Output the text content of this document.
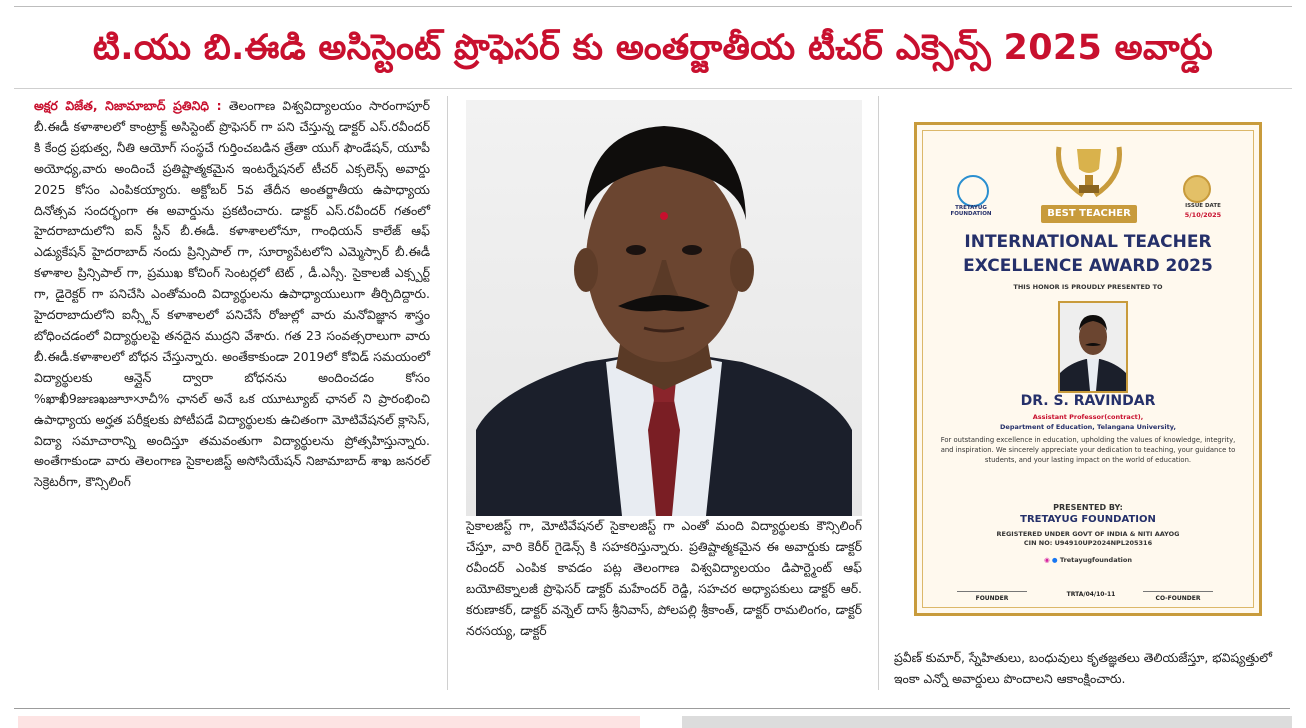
టి.యు బి.ఈడి అసిస్టెంట్ ప్రొఫెసర్ కు అంతర్జాతీయ టీచర్ ఎక్సెన్స్ 2025 అవార్డు
అక్షర విజేత, నిజామాబాద్ ప్రతినిధి : తెలంగాణ విశ్వవిద్యాలయం సారంగాపూర్ బీ.ఈడీ కళాశాలలో కాంట్రాక్ట్ అసిస్టెంట్ ప్రొఫెసర్ గా పని చేస్తున్న డాక్టర్ ఎస్.రవీందర్ కి కేంద్ర ప్రభుత్వ, నీతి ఆయోగ్ సంస్థచే గుర్తించబడిన త్రేతా యుగ్ ఫౌండేషన్, యూపీ అయోధ్య,వారు అందించే ప్రతిష్టాత్మకమైన ఇంటర్నేషనల్ టీచర్ ఎక్సలెన్స్ అవార్డు 2025 కోసం ఎంపికయ్యారు. అక్టోబర్ 5వ తేదీన అంతర్జాతీయ ఉపాధ్యాయ దినోత్సవ సందర్భంగా ఈ అవార్డును ప్రకటించారు. డాక్టర్ ఎస్.రవీందర్ గతంలో హైదరాబాదులోని ఐన్ స్టీన్ బీ.ఈడీ. కళాశాలలోనూ, గాంధియన్ కాలేజ్ ఆఫ్ ఎడ్యుకేషన్ హైదరాబాద్ నందు ప్రిన్సిపాల్ గా, సూర్యాపేటలోని ఎమ్మెస్సార్ బీ.ఈడీ కళాశాల ప్రిన్సిపాల్ గా, ప్రముఖ కోచింగ్ సెంటర్లలో టెట్ , డీ.ఎస్సీ. సైకాలజీ ఎక్స్పర్ట్ గా, డైరెక్టర్ గా పనిచేసి ఎంతోమంది విద్యార్థులను ఉపాధ్యాయులుగా తీర్చిదిద్దారు. హైదరాబాదులోని ఐన్స్టీన్ కళాశాలలో పనిచేసే రోజుల్లో వారు మనోవిజ్ఞాన శాస్త్రం బోధించడంలో విద్యార్థులపై తనదైన ముద్రని వేశారు. గత 23 సంవత్సరాలుగా వారు బీ.ఈడీ.కళాశాలలో బోధన చేస్తున్నారు. అంతేకాకుండా 2019లో కోవిడ్ సమయంలో విద్యార్థులకు ఆన్లైన్ ద్వారా బోధనను అందించడం కోసం %ఖాఖీ9జుణఖజూూ×ూచీ% ఛానల్ అనే ఒక యూట్యూబ్ ఛానల్ ని ప్రారంభించి ఉపాధ్యాయ అర్హత పరీక్షలకు పోటీపడే విద్యార్థులకు ఉచితంగా మోటివేషనల్ క్లాసెస్, విద్యా సమాచారాన్ని అందిస్తూ తమవంతుగా విద్యార్థులను ప్రోత్సహిస్తున్నారు. అంతేగాకుండా వారు తెలంగాణ సైకాలజిస్ట్ అసోసియేషన్ నిజామాబాద్ శాఖ జనరల్ సెక్రెటరీగా, కౌన్సిలింగ్
సైకాలజిస్ట్ గా, మోటివేషనల్ సైకాలజిస్ట్ గా ఎంతో మంది విద్యార్థులకు కౌన్సిలింగ్ చేస్తూ, వారి కెరీర్ గైడెన్స్ కి సహకరిస్తున్నారు. ప్రతిష్టాత్మకమైన ఈ అవార్డుకు డాక్టర్ రవీందర్ ఎంపిక కావడం పట్ల తెలంగాణ విశ్వవిద్యాలయం డిపార్ట్మెంట్ ఆఫ్ బయోటెక్నాలజీ ప్రొఫెసర్ డాక్టర్ మహేందర్ రెడ్డి, సహచర అధ్యాపకులు డాక్టర్ ఆర్. కరుణాకర్, డాక్టర్ వన్నెల్ దాస్ శ్రీనివాస్, పోలపల్లి శ్రీకాంత్, డాక్టర్ రామలింగం, డాక్టర్ నరసయ్య, డాక్టర్
TRETAYUG FOUNDATION	BEST TEACHER
ISSUE DATE
5/10/2025
INTERNATIONAL TEACHER
EXCELLENCE AWARD 2025
THIS HONOR IS PROUDLY PRESENTED TO
DR. S. RAVINDAR
Assistant Professor(contract),
Department of Education, Telangana University,
For outstanding excellence in education, upholding the values of knowledge, integrity, and inspiration. We sincerely appreciate your dedication to teaching, your guidance to students, and your lasting impact on the world of education.
PRESENTED BY:
TRETAYUG FOUNDATION
REGISTERED UNDER GOVT OF INDIA & NITI AAYOG
CIN NO: U94910UP2024NPL205316
◉ ● Tretayugfoundation
FOUNDER
TRTA/04/10-11
CO-FOUNDER
ప్రవీణ్ కుమార్, స్నేహితులు, బంధువులు కృతజ్ఞతలు తెలియజేస్తూ, భవిష్యత్తులో ఇంకా ఎన్నో అవార్డులు పొందాలని ఆకాంక్షించారు.
